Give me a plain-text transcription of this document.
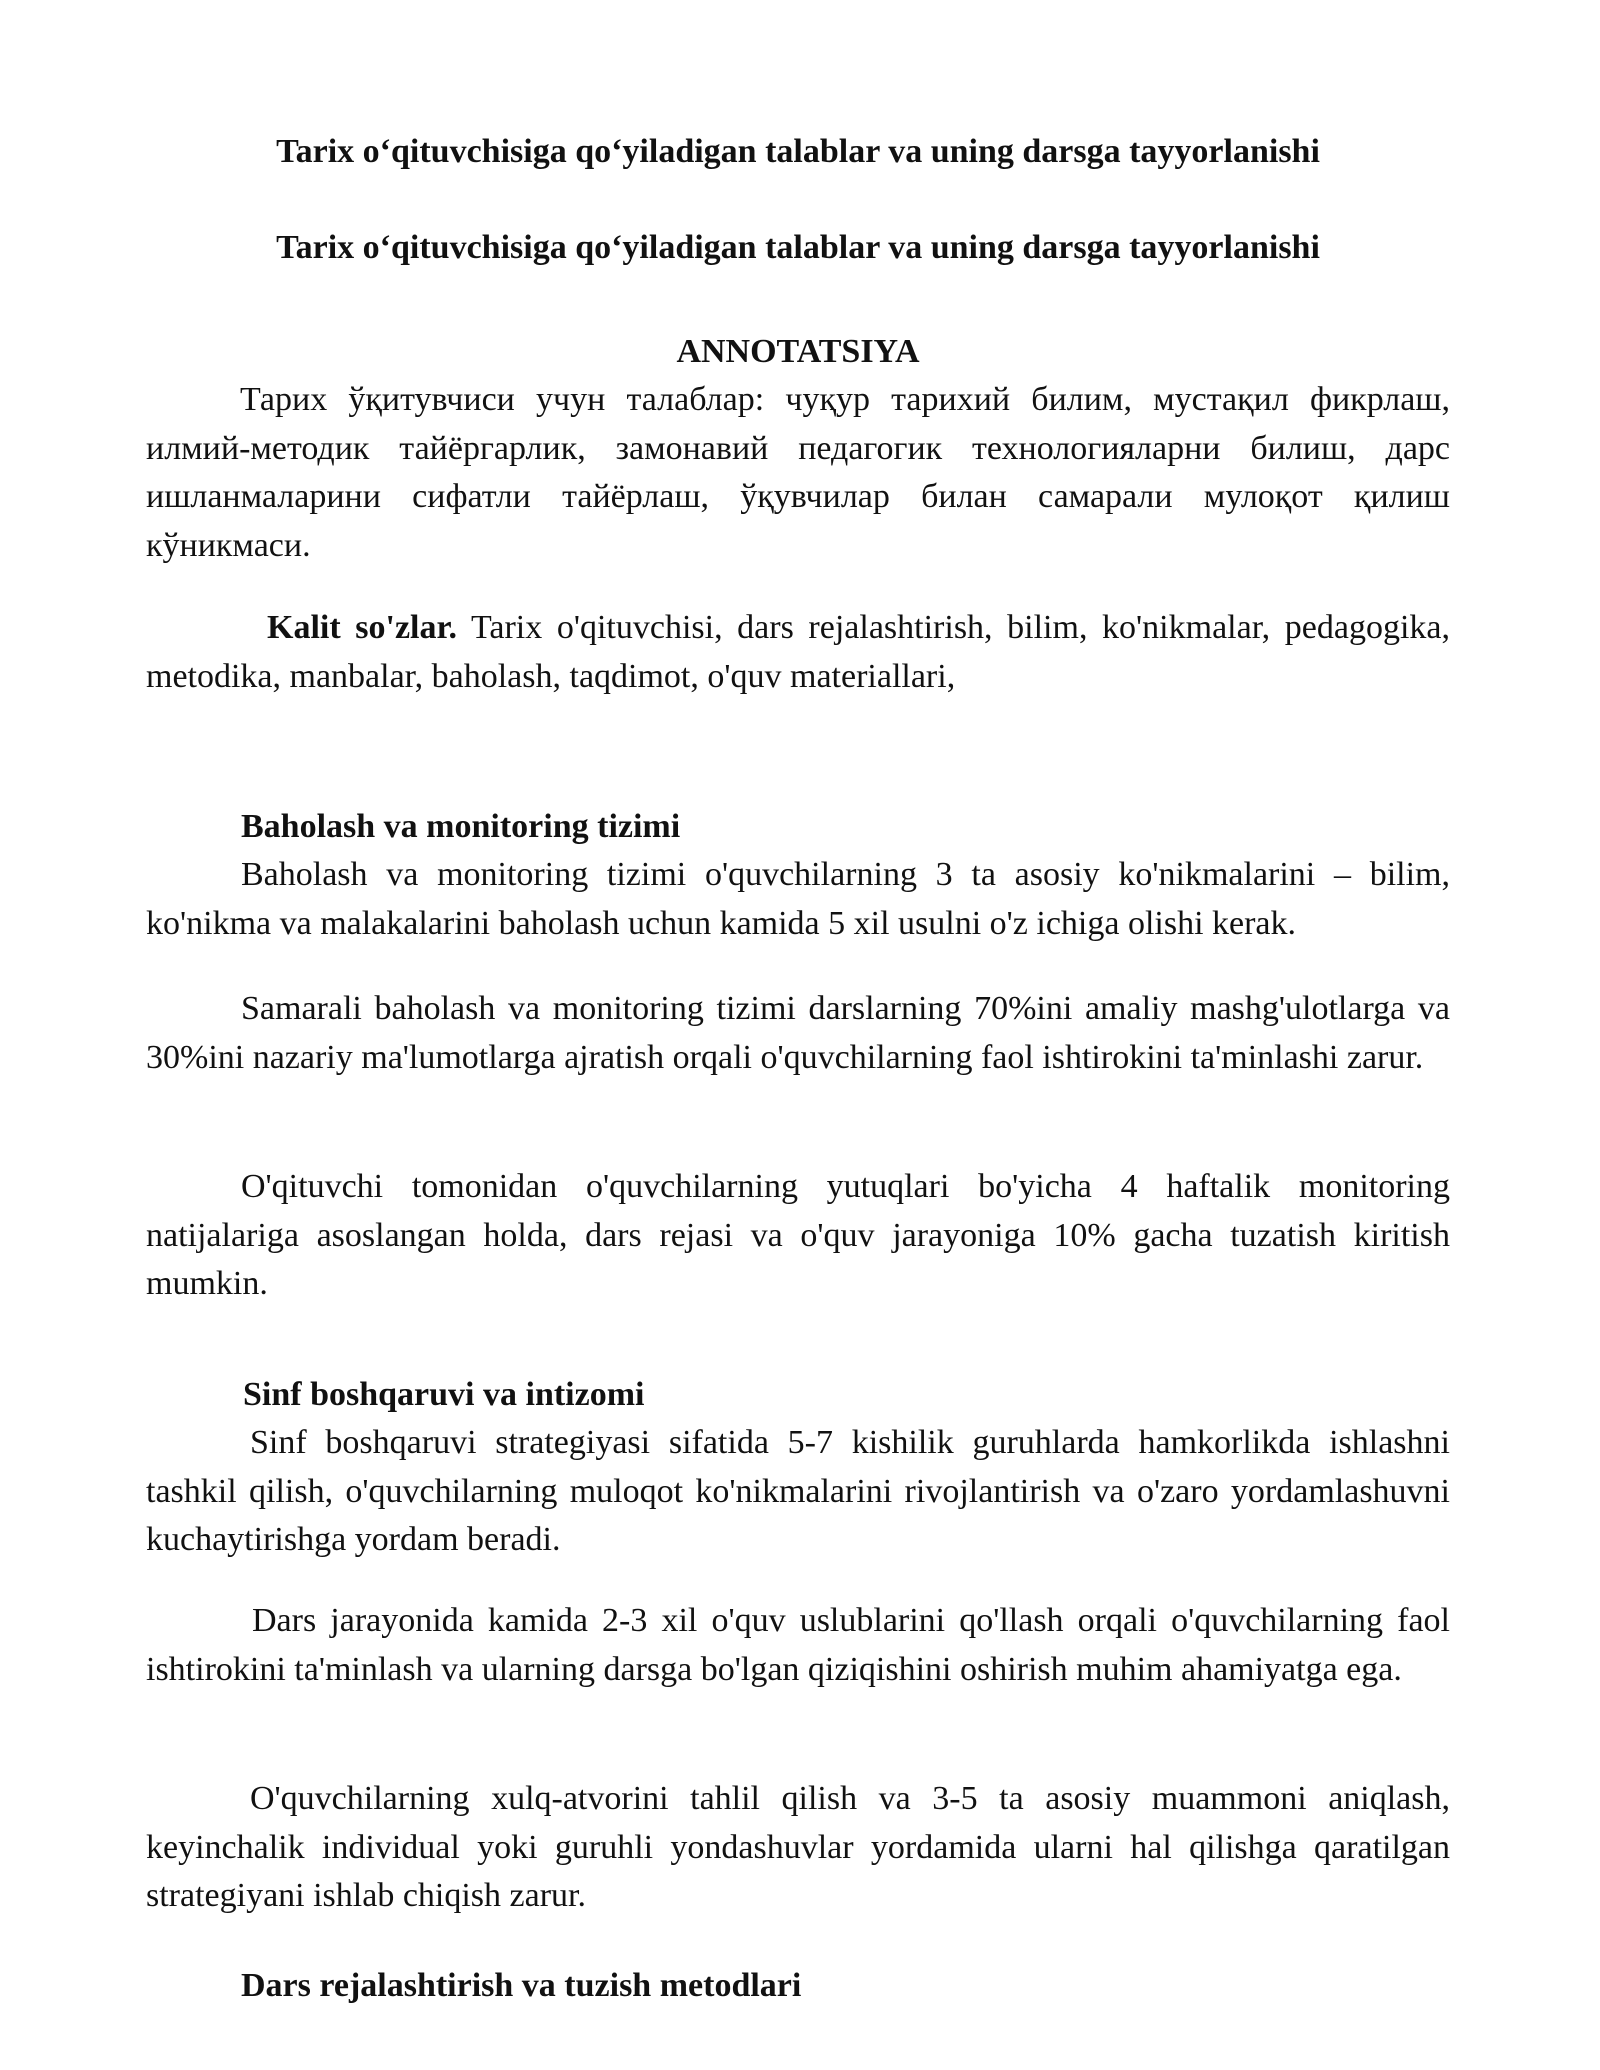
Tarix o‘qituvchisiga qo‘yiladigan talablar va uning darsga tayyorlanishi
Tarix o‘qituvchisiga qo‘yiladigan talablar va uning darsga tayyorlanishi
ANNOTATSIYA
Тарих ўқитувчиси учун талаблар: чуқур тарихий билим, мустақил фикрлаш, илмий-методик тайёргарлик, замонавий педагогик технологияларни билиш, дарс ишланмаларини сифатли тайёрлаш, ўқувчилар билан самарали мулоқот қилиш кўникмаси.
Kalit so'zlar. Tarix o'qituvchisi, dars rejalashtirish, bilim, ko'nikmalar, pedagogika, metodika, manbalar, baholash, taqdimot, o'quv materiallari,
Baholash va monitoring tizimi
Baholash va monitoring tizimi o'quvchilarning 3 ta asosiy ko'nikmalarini – bilim, ko'nikma va malakalarini baholash uchun kamida 5 xil usulni o'z ichiga olishi kerak.
Samarali baholash va monitoring tizimi darslarning 70%ini amaliy mashg'ulotlarga va 30%ini nazariy ma'lumotlarga ajratish orqali o'quvchilarning faol ishtirokini ta'minlashi zarur.
O'qituvchi tomonidan o'quvchilarning yutuqlari bo'yicha 4 haftalik monitoring natijalariga asoslangan holda, dars rejasi va o'quv jarayoniga 10% gacha tuzatish kiritish mumkin.
Sinf boshqaruvi va intizomi
Sinf boshqaruvi strategiyasi sifatida 5-7 kishilik guruhlarda hamkorlikda ishlashni tashkil qilish, o'quvchilarning muloqot ko'nikmalarini rivojlantirish va o'zaro yordamlashuvni kuchaytirishga yordam beradi.
Dars jarayonida kamida 2-3 xil o'quv uslublarini qo'llash orqali o'quvchilarning faol ishtirokini ta'minlash va ularning darsga bo'lgan qiziqishini oshirish muhim ahamiyatga ega.
O'quvchilarning xulq-atvorini tahlil qilish va 3-5 ta asosiy muammoni aniqlash, keyinchalik individual yoki guruhli yondashuvlar yordamida ularni hal qilishga qaratilgan strategiyani ishlab chiqish zarur.
Dars rejalashtirish va tuzish metodlari
